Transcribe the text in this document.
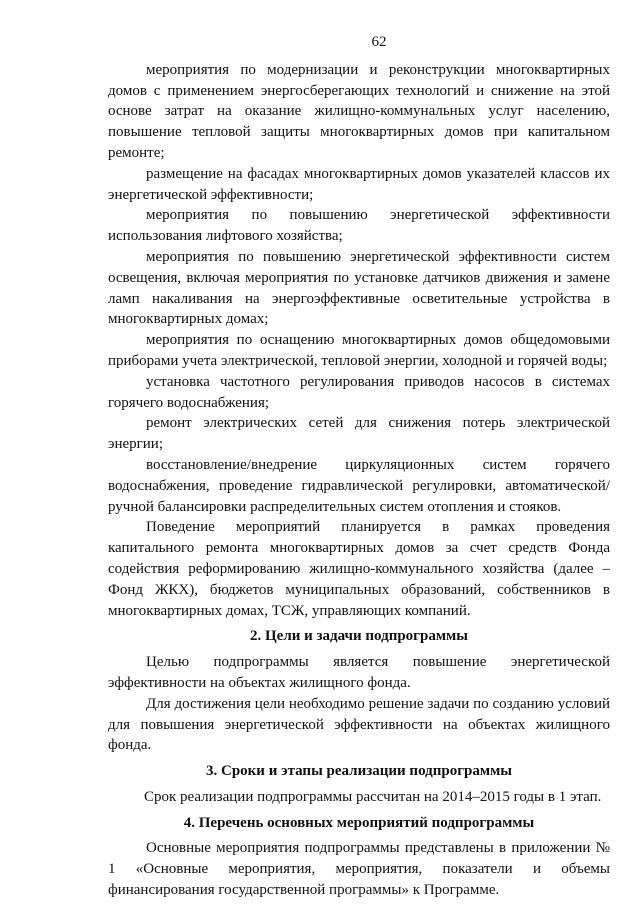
62

мероприятия по модернизации и реконструкции многоквартирных домов с применением энергосберегающих технологий и снижение на этой основе затрат на оказание жилищно-коммунальных услуг населению, повышение тепловой защиты многоквартирных домов при капитальном ремонте;

размещение на фасадах многоквартирных домов указателей классов их энергетической эффективности;

мероприятия по повышению энергетической эффективности использования лифтового хозяйства;

мероприятия по повышению энергетической эффективности систем освещения, включая мероприятия по установке датчиков движения и замене ламп накаливания на энергоэффективные осветительные устройства в многоквартирных домах;

мероприятия по оснащению многоквартирных домов общедомовыми приборами учета электрической, тепловой энергии, холодной и горячей воды;

установка частотного регулирования приводов насосов в системах горячего водоснабжения;

ремонт электрических сетей для снижения потерь электрической энергии;

восстановление/внедрение циркуляционных систем горячего водоснабжения, проведение гидравлической регулировки, автоматической/ручной балансировки распределительных систем отопления и стояков.

Поведение мероприятий планируется в рамках проведения капитального ремонта многоквартирных домов за счет средств Фонда содействия реформированию жилищно-коммунального хозяйства (далее – Фонд ЖКХ), бюджетов муниципальных образований, собственников в многоквартирных домах, ТСЖ, управляющих компаний.

2. Цели и задачи подпрограммы

Целью подпрограммы является повышение энергетической эффективности на объектах жилищного фонда.

Для достижения цели необходимо решение задачи по созданию условий для повышения энергетической эффективности на объектах жилищного фонда.

3. Сроки и этапы реализации подпрограммы

Срок реализации подпрограммы рассчитан на 2014–2015 годы в 1 этап.

4. Перечень основных мероприятий подпрограммы

Основные мероприятия подпрограммы представлены в приложении № 1 «Основные мероприятия, мероприятия, показатели и объемы финансирования государственной программы» к Программе.
